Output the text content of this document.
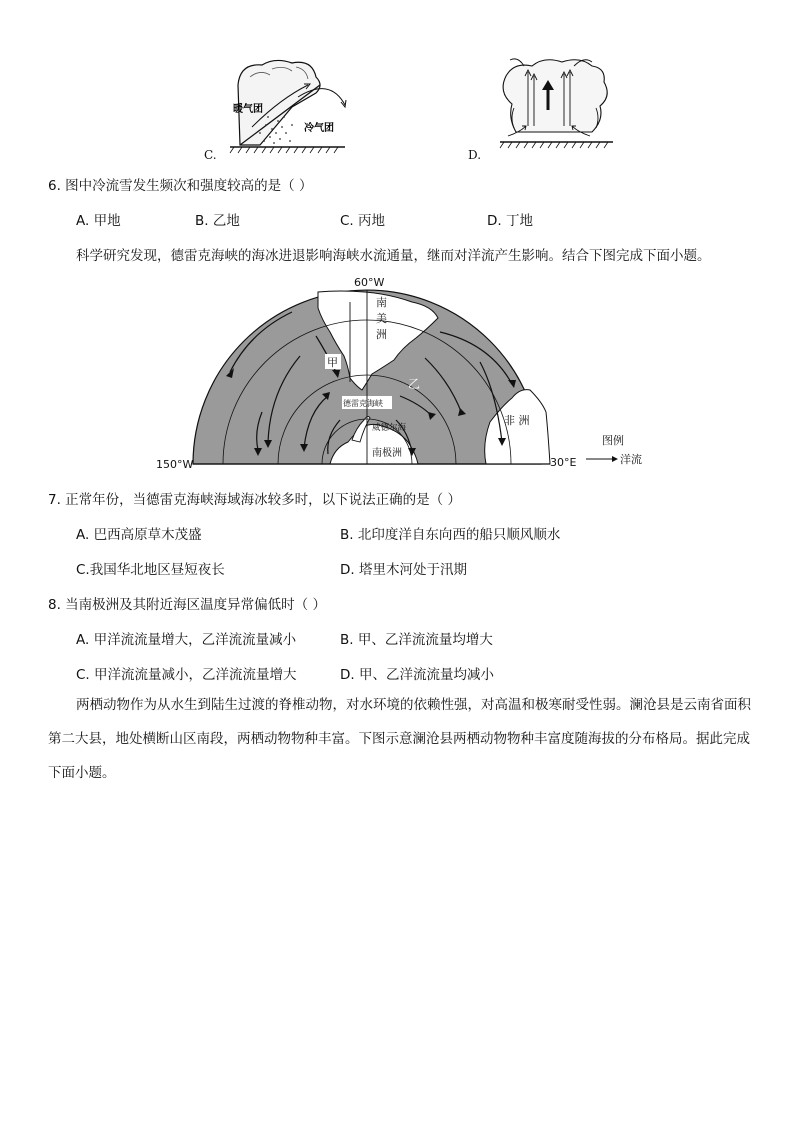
暖气团
冷气团
C.	D.
6. 图中冷流雪发生频次和强度较高的是（ ）
A. 甲地	B. 乙地	C. 丙地	D. 丁地
科学研究发现，德雷克海峡的海冰进退影响海峡水流通量，继而对洋流产生影响。结合下图完成下面小题。
60°W
150°W	30°E
南
美
洲
甲
乙
德雷克海峡
威德尔海
南极洲
非 洲
图例
洋流
7. 正常年份，当德雷克海峡海域海冰较多时，以下说法正确的是（ ）
A. 巴西高原草木茂盛	B. 北印度洋自东向西的船只顺风顺水
C.我国华北地区昼短夜长	D. 塔里木河处于汛期
8. 当南极洲及其附近海区温度异常偏低时（ ）
A. 甲洋流流量增大，乙洋流流量减小	B. 甲、乙洋流流量均增大
C. 甲洋流流量减小，乙洋流流量增大	D. 甲、乙洋流流量均减小
两栖动物作为从水生到陆生过渡的脊椎动物，对水环境的依赖性强，对高温和极寒耐受性弱。澜沧县是云南省面积第二大县，地处横断山区南段，两栖动物物种丰富。下图示意澜沧县两栖动物物种丰富度随海拔的分布格局。据此完成下面小题。
